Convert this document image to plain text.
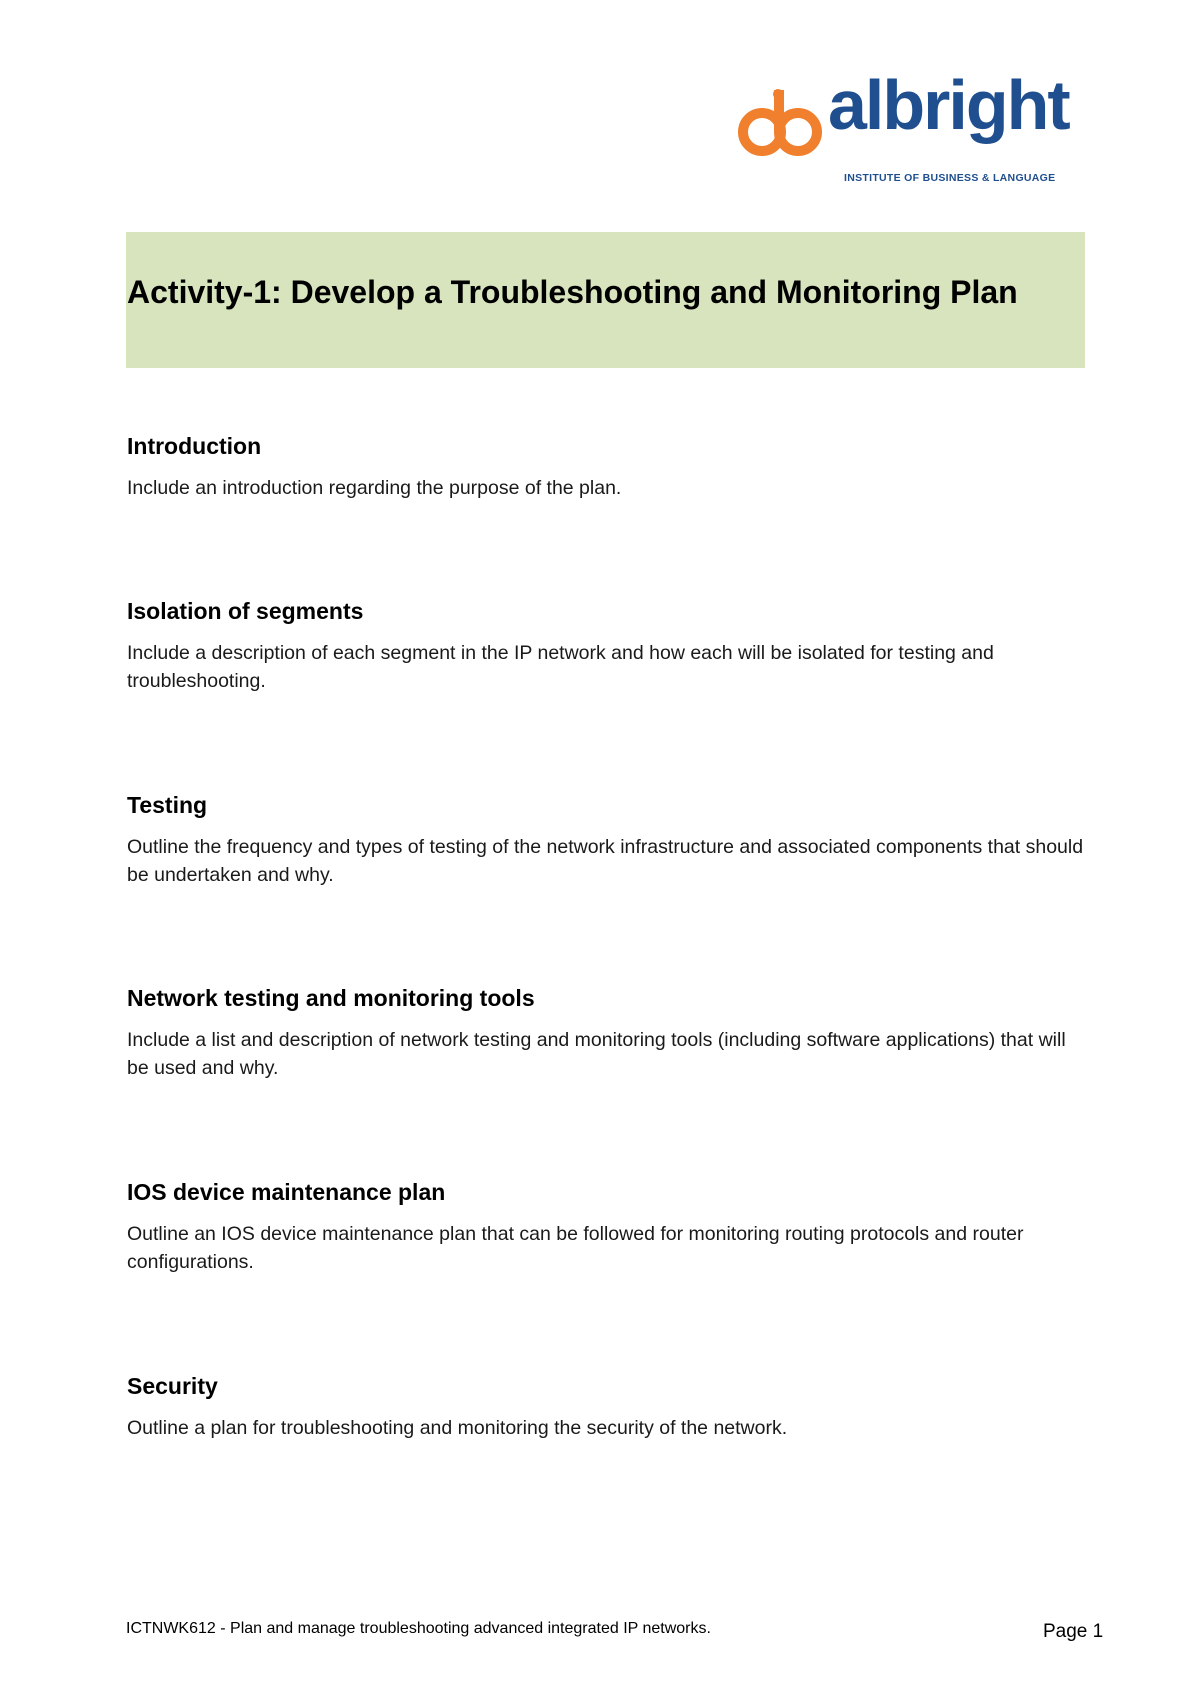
albright
INSTITUTE OF BUSINESS & LANGUAGE
Activity-1: Develop a Troubleshooting and Monitoring Plan
Introduction

Include an introduction regarding the purpose of the plan.

Isolation of segments

Include a description of each segment in the IP network and how each will be isolated for testing and troubleshooting.

Testing

Outline the frequency and types of testing of the network infrastructure and associated components that should be undertaken and why.

Network testing and monitoring tools

Include a list and description of network testing and monitoring tools (including software applications) that will be used and why.

IOS device maintenance plan

Outline an IOS device maintenance plan that can be followed for monitoring routing protocols and router configurations.

Security

Outline a plan for troubleshooting and monitoring the security of the network.

ICTNWK612 - Plan and manage troubleshooting advanced integrated IP networks.	Page 1
